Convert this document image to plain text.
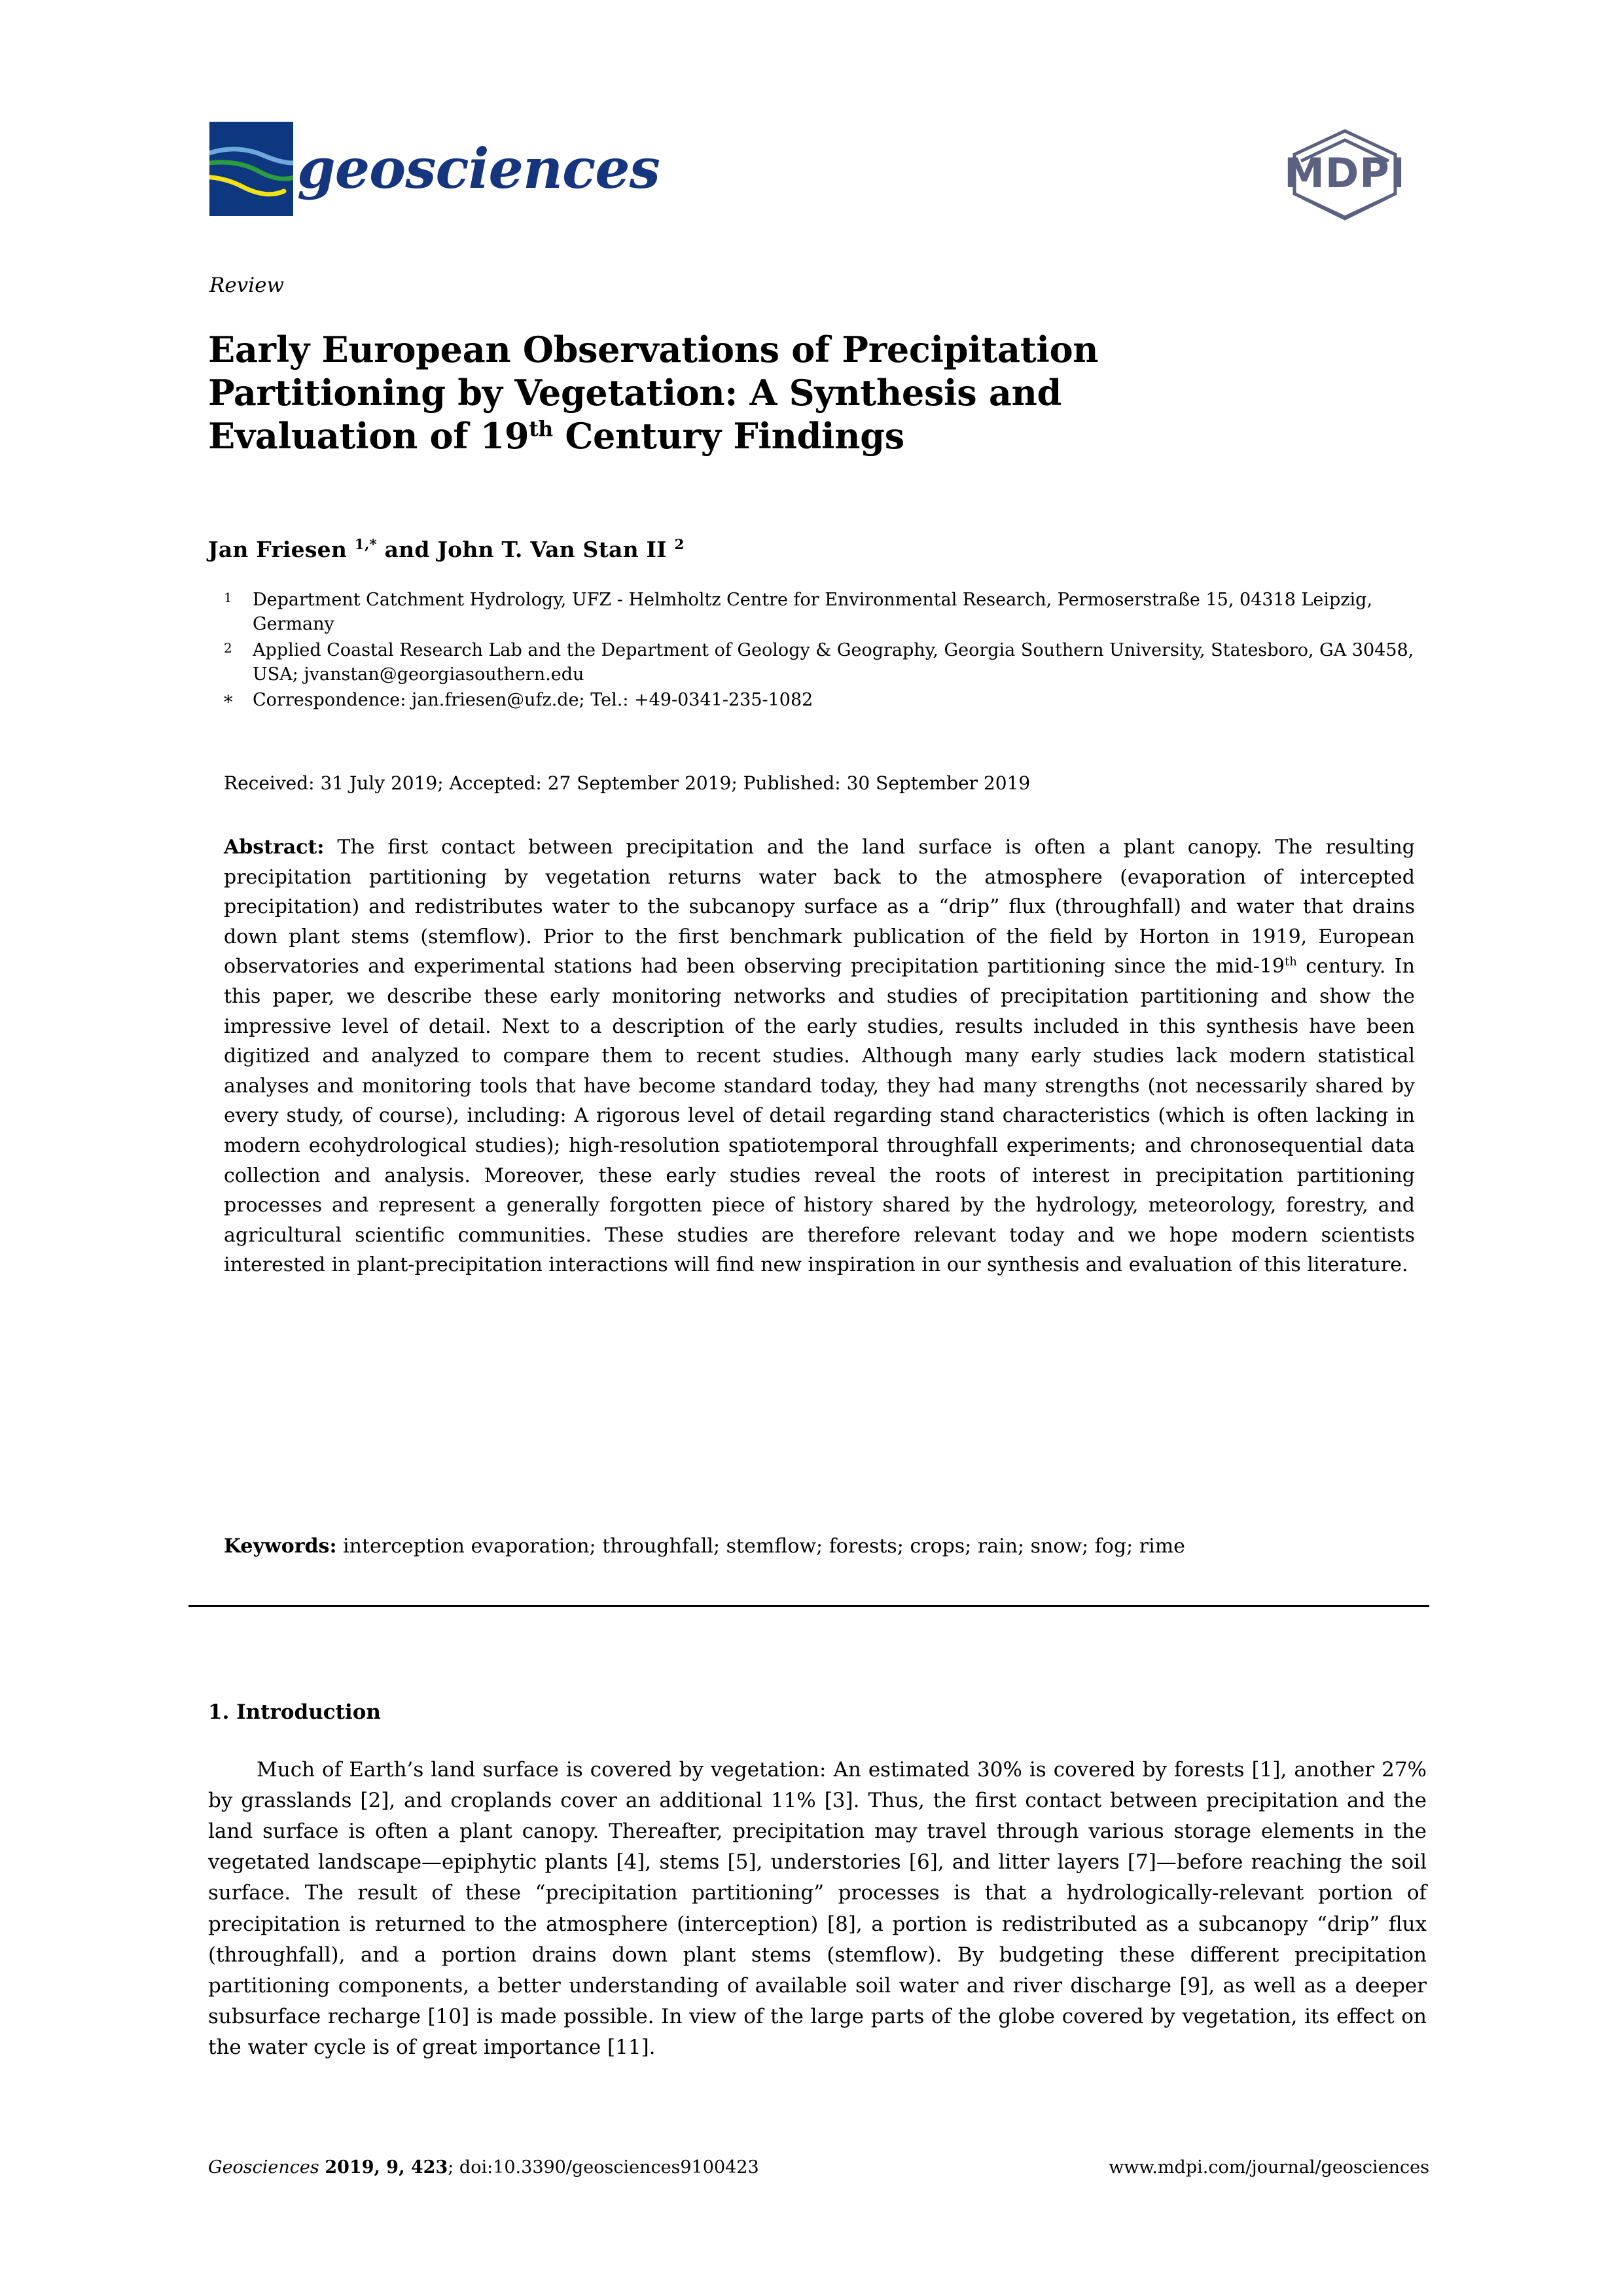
geosciences	MDPI
Review
Early European Observations of Precipitation
Partitioning by Vegetation: A Synthesis and
Evaluation of 19th Century Findings
Jan Friesen $^{1,*}$ and John T. Van Stan II $^2$
1	Department Catchment Hydrology, UFZ - Helmholtz Centre for Environmental Research, Permoserstraße 15, 04318 Leipzig, Germany
2	Applied Coastal Research Lab and the Department of Geology & Geography, Georgia Southern University, Statesboro, GA 30458, USA; jvanstan@georgiasouthern.edu
*	Correspondence: jan.friesen@ufz.de; Tel.: +49-0341-235-1082
Received: 31 July 2019; Accepted: 27 September 2019; Published: 30 September 2019
Abstract: The first contact between precipitation and the land surface is often a plant canopy. The resulting precipitation partitioning by vegetation returns water back to the atmosphere (evaporation of intercepted precipitation) and redistributes water to the subcanopy surface as a “drip” flux (throughfall) and water that drains down plant stems (stemflow). Prior to the first benchmark publication of the field by Horton in 1919, European observatories and experimental stations had been observing precipitation partitioning since the mid-19th century. In this paper, we describe these early monitoring networks and studies of precipitation partitioning and show the impressive level of detail. Next to a description of the early studies, results included in this synthesis have been digitized and analyzed to compare them to recent studies. Although many early studies lack modern statistical analyses and monitoring tools that have become standard today, they had many strengths (not necessarily shared by every study, of course), including: A rigorous level of detail regarding stand characteristics (which is often lacking in modern ecohydrological studies); high-resolution spatiotemporal throughfall experiments; and chronosequential data collection and analysis. Moreover, these early studies reveal the roots of interest in precipitation partitioning processes and represent a generally forgotten piece of history shared by the hydrology, meteorology, forestry, and agricultural scientific communities. These studies are therefore relevant today and we hope modern scientists interested in plant-precipitation interactions will find new inspiration in our synthesis and evaluation of this literature.
Keywords: interception evaporation; throughfall; stemflow; forests; crops; rain; snow; fog; rime
1. Introduction

Much of Earth’s land surface is covered by vegetation: An estimated 30% is covered by forests [1], another 27% by grasslands [2], and croplands cover an additional 11% [3]. Thus, the first contact between precipitation and the land surface is often a plant canopy. Thereafter, precipitation may travel through various storage elements in the vegetated landscape—epiphytic plants [4], stems [5], understories [6], and litter layers [7]—before reaching the soil surface. The result of these “precipitation partitioning” processes is that a hydrologically-relevant portion of precipitation is returned to the atmosphere (interception) [8], a portion is redistributed as a subcanopy “drip” flux (throughfall), and a portion drains down plant stems (stemflow). By budgeting these different precipitation partitioning components, a better understanding of available soil water and river discharge [9], as well as a deeper subsurface recharge [10] is made possible. In view of the large parts of the globe covered by vegetation, its effect on the water cycle is of great importance [11].

Geosciences 2019, 9, 423; doi:10.3390/geosciences9100423	www.mdpi.com/journal/geosciences
